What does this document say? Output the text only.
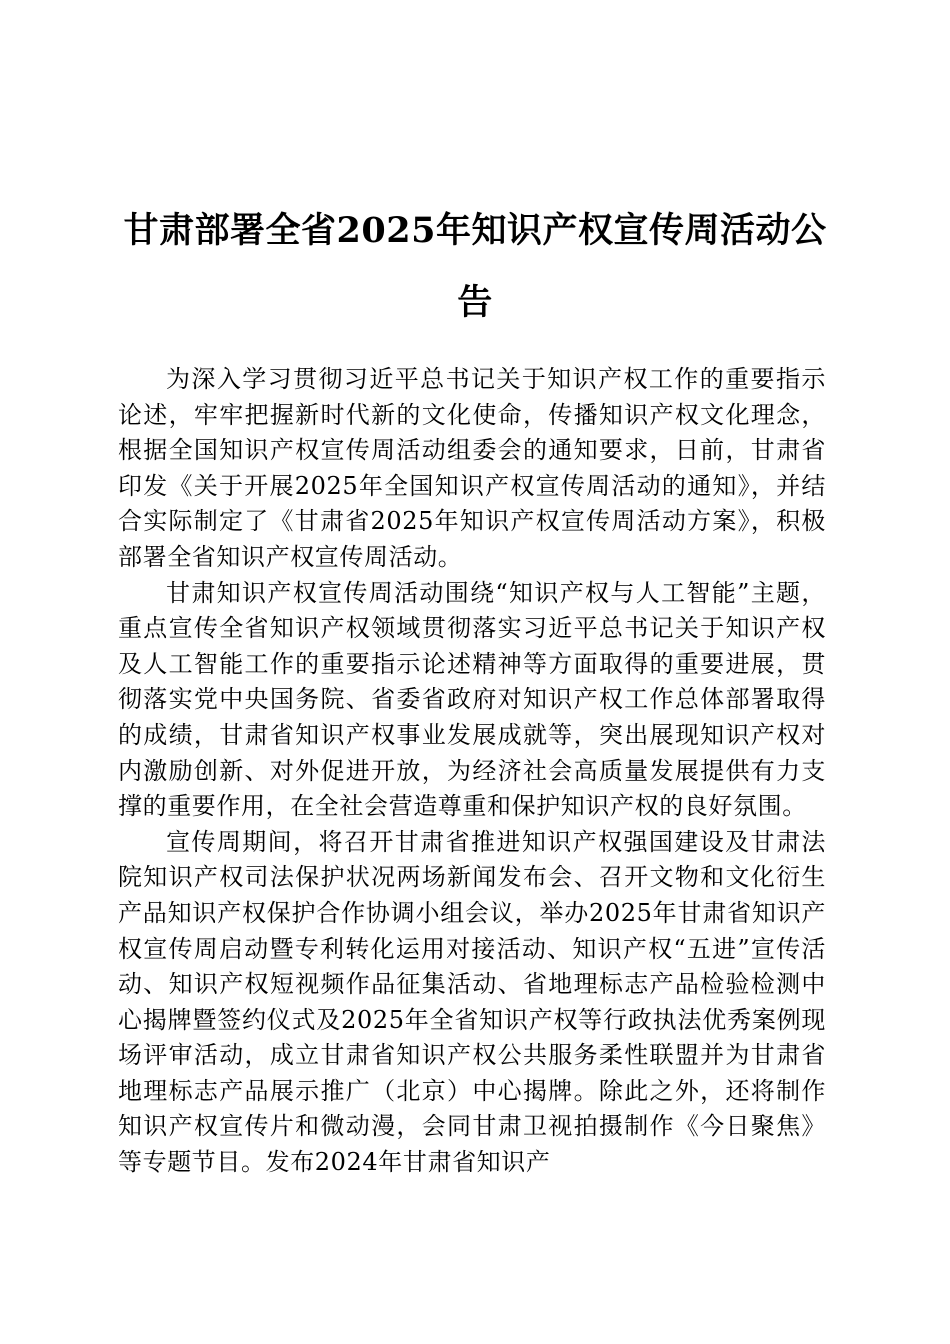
甘肃部署全省2025年知识产权宣传周活动公告

为深入学习贯彻习近平总书记关于知识产权工作的重要指示论述，牢牢把握新时代新的文化使命，传播知识产权文化理念，根据全国知识产权宣传周活动组委会的通知要求，日前，甘肃省印发《关于开展2025年全国知识产权宣传周活动的通知》，并结合实际制定了《甘肃省2025年知识产权宣传周活动方案》，积极部署全省知识产权宣传周活动。

甘肃知识产权宣传周活动围绕“知识产权与人工智能”主题，重点宣传全省知识产权领域贯彻落实习近平总书记关于知识产权及人工智能工作的重要指示论述精神等方面取得的重要进展，贯彻落实党中央国务院、省委省政府对知识产权工作总体部署取得的成绩，甘肃省知识产权事业发展成就等，突出展现知识产权对内激励创新、对外促进开放，为经济社会高质量发展提供有力支撑的重要作用，在全社会营造尊重和保护知识产权的良好氛围。

宣传周期间，将召开甘肃省推进知识产权强国建设及甘肃法院知识产权司法保护状况两场新闻发布会、召开文物和文化衍生产品知识产权保护合作协调小组会议，举办2025年甘肃省知识产权宣传周启动暨专利转化运用对接活动、知识产权“五进”宣传活动、知识产权短视频作品征集活动、省地理标志产品检验检测中心揭牌暨签约仪式及2025年全省知识产权等行政执法优秀案例现场评审活动，成立甘肃省知识产权公共服务柔性联盟并为甘肃省地理标志产品展示推广（北京）中心揭牌。除此之外，还将制作知识产权宣传片和微动漫，会同甘肃卫视拍摄制作《今日聚焦》等专题节目。发布2024年甘肃省知识产
